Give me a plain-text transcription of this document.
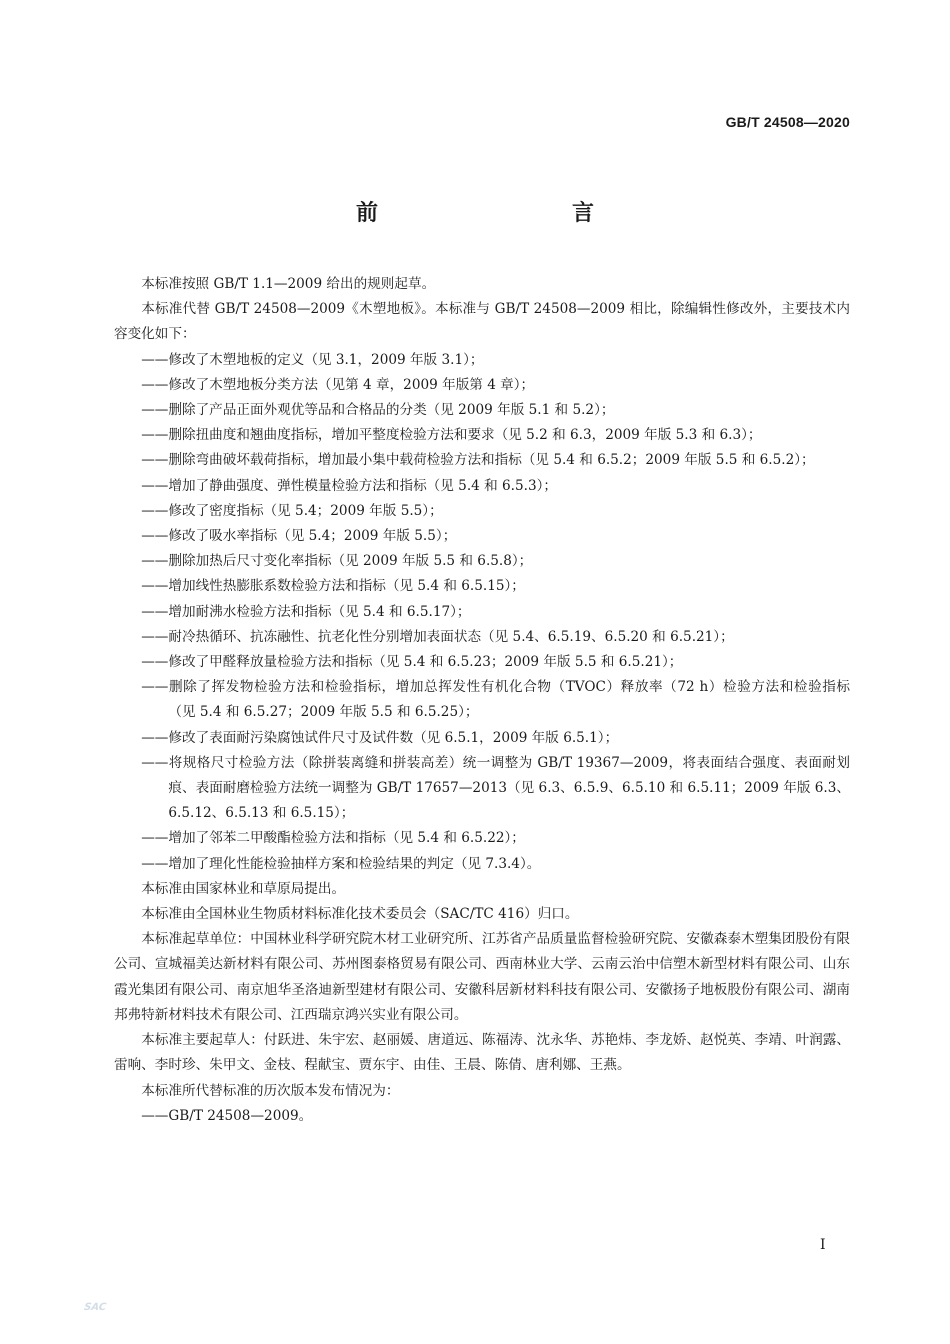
GB/T 24508—2020
前　　言

本标准按照 GB/T 1.1—2009 给出的规则起草。

本标准代替 GB/T 24508—2009《木塑地板》。本标准与 GB/T 24508—2009 相比，除编辑性修改外，主要技术内容变化如下：

—— 修改了木塑地板的定义（见 3.1，2009 年版 3.1）；
—— 修改了木塑地板分类方法（见第 4 章，2009 年版第 4 章）；
—— 删除了产品正面外观优等品和合格品的分类（见 2009 年版 5.1 和 5.2）；
—— 删除扭曲度和翘曲度指标，增加平整度检验方法和要求（见 5.2 和 6.3，2009 年版 5.3 和 6.3）；
—— 删除弯曲破坏载荷指标，增加最小集中载荷检验方法和指标（见 5.4 和 6.5.2；2009 年版 5.5 和 6.5.2）；
—— 增加了静曲强度、弹性模量检验方法和指标（见 5.4 和 6.5.3）；
—— 修改了密度指标（见 5.4；2009 年版 5.5）；
—— 修改了吸水率指标（见 5.4；2009 年版 5.5）；
—— 删除加热后尺寸变化率指标（见 2009 年版 5.5 和 6.5.8）；
—— 增加线性热膨胀系数检验方法和指标（见 5.4 和 6.5.15）；
—— 增加耐沸水检验方法和指标（见 5.4 和 6.5.17）；
—— 耐冷热循环、抗冻融性、抗老化性分别增加表面状态（见 5.4、6.5.19、6.5.20 和 6.5.21）；
—— 修改了甲醛释放量检验方法和指标（见 5.4 和 6.5.23；2009 年版 5.5 和 6.5.21）；
—— 删除了挥发物检验方法和检验指标，增加总挥发性有机化合物（TVOC）释放率（72 h）检验方法和检验指标（见 5.4 和 6.5.27；2009 年版 5.5 和 6.5.25）；
—— 修改了表面耐污染腐蚀试件尺寸及试件数（见 6.5.1，2009 年版 6.5.1）；
—— 将规格尺寸检验方法（除拼装离缝和拼装高差）统一调整为 GB/T 19367—2009，将表面结合强度、表面耐划痕、表面耐磨检验方法统一调整为 GB/T 17657—2013（见 6.3、6.5.9、6.5.10 和 6.5.11；2009 年版 6.3、6.5.12、6.5.13 和 6.5.15）；
—— 增加了邻苯二甲酸酯检验方法和指标（见 5.4 和 6.5.22）；
—— 增加了理化性能检验抽样方案和检验结果的判定（见 7.3.4）。

本标准由国家林业和草原局提出。

本标准由全国林业生物质材料标准化技术委员会（SAC/TC 416）归口。

本标准起草单位：中国林业科学研究院木材工业研究所、江苏省产品质量监督检验研究院、安徽森泰木塑集团股份有限公司、宣城福美达新材料有限公司、苏州图泰格贸易有限公司、西南林业大学、云南云治中信塑木新型材料有限公司、山东霞光集团有限公司、南京旭华圣洛迪新型建材有限公司、安徽科居新材料科技有限公司、安徽扬子地板股份有限公司、湖南邦弗特新材料技术有限公司、江西瑞京鸿兴实业有限公司。

本标准主要起草人：付跃进、朱宇宏、赵丽媛、唐道远、陈福涛、沈永华、苏艳炜、李龙娇、赵悦英、李靖、叶润露、雷响、李时珍、朱甲文、金枝、程献宝、贾东宇、由佳、王晨、陈倩、唐利娜、王燕。

本标准所代替标准的历次版本发布情况为：

—— GB/T 24508—2009。
I
SAC
